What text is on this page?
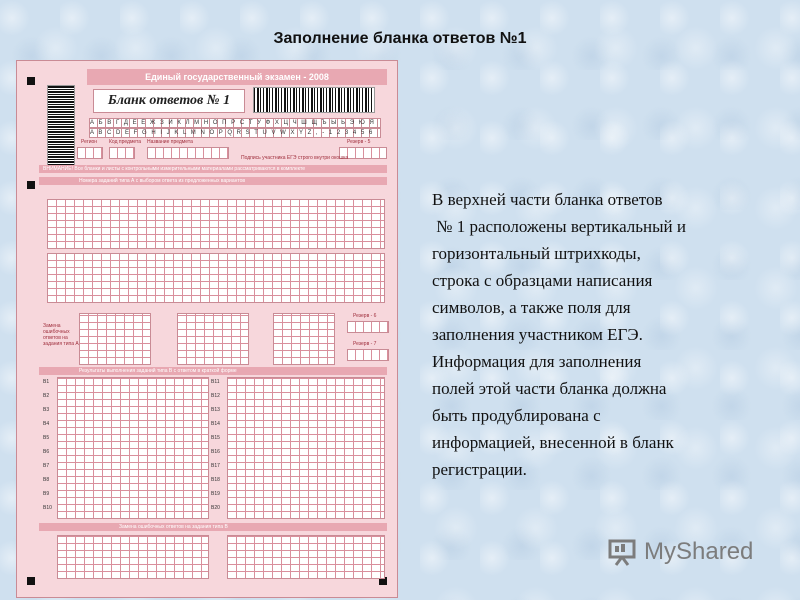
Заполнение бланка ответов №1
Единый государственный экзамен - 2008
Бланк ответов № 1
А Б В Г Д Е Ё Ж З И К Л М Н О П Р С Т У Ф Х Ц Ч Ш Щ Ъ Ы Ь Э Ю Я
A B C D E F G H I J K L M N O P Q R S T U V W X Y Z , - 1 2 3 4 5 6
Регион Код предмета Название предмета	Резерв - 5
Подпись участника ЕГЭ строго внутри окошка
ВНИМАНИЕ! Все бланки и листы с контрольными измерительными материалами рассматриваются в комплекте
Номера заданий типа А с выбором ответа из предложенных вариантов
Замена ошибочных ответов на задания типа А
Резерв - 6
Резерв - 7
Результаты выполнения заданий типа В с ответом в краткой форме
Замена ошибочных ответов на задания типа В
B1
B2
B3
B4
B5
B6
B7
B8
B9
B10
B11
B12
B13
B14
B15
B16
B17
B18
B19
B20
В верхней части бланка ответов
№ 1 расположены вертикальный и
горизонтальный штрихкоды,
строка с образцами написания
символов, а также поля для
заполнения участником ЕГЭ.
Информация для заполнения
полей этой части бланка должна
быть продублирована с
информацией, внесенной в бланк
регистрации.
MyShared
